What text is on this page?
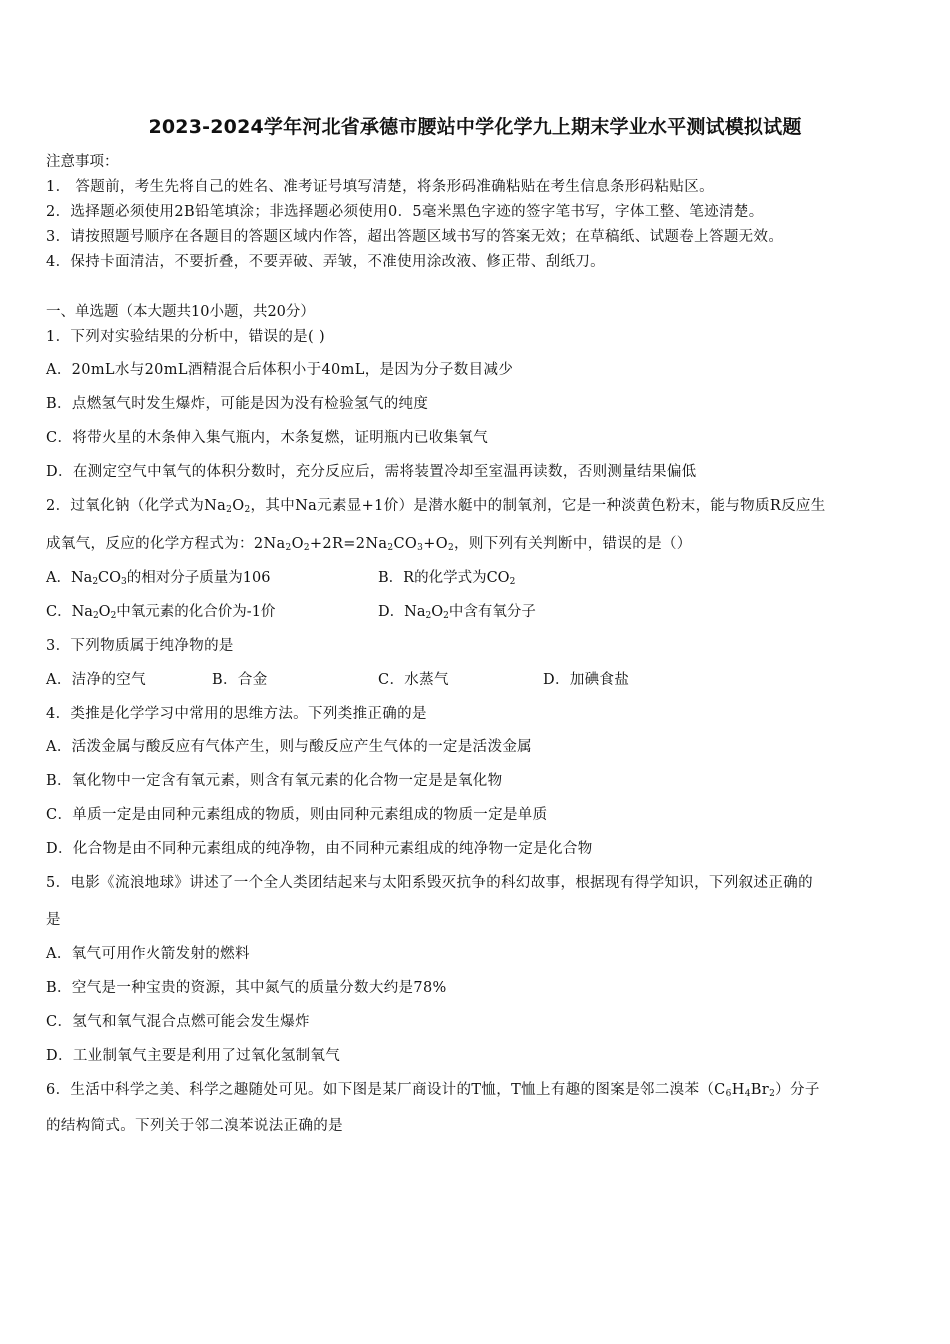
2023-2024学年河北省承德市腰站中学化学九上期末学业水平测试模拟试题
注意事项：
1． 答题前，考生先将自己的姓名、准考证号填写清楚，将条形码准确粘贴在考生信息条形码粘贴区。
2．选择题必须使用2B铅笔填涂；非选择题必须使用0．5毫米黑色字迹的签字笔书写，字体工整、笔迹清楚。
3．请按照题号顺序在各题目的答题区域内作答，超出答题区域书写的答案无效；在草稿纸、试题卷上答题无效。
4．保持卡面清洁，不要折叠，不要弄破、弄皱，不准使用涂改液、修正带、刮纸刀。
一、单选题（本大题共10小题，共20分）
1．下列对实验结果的分析中，错误的是( )
A．20mL水与20mL酒精混合后体积小于40mL，是因为分子数目减少
B．点燃氢气时发生爆炸，可能是因为没有检验氢气的纯度
C．将带火星的木条伸入集气瓶内，木条复燃，证明瓶内已收集氧气
D．在测定空气中氧气的体积分数时，充分反应后，需将装置冷却至室温再读数，否则测量结果偏低
2．过氧化钠（化学式为$Na_2O_2$，其中Na元素显+1价）是潜水艇中的制氧剂，它是一种淡黄色粉末，能与物质R反应生
成氧气，反应的化学方程式为：$2Na_2O_2+2R=2Na_2CO_3+O_2$，则下列有关判断中，错误的是（）
A．$Na_2CO_3$的相对分子质量为106	B．R的化学式为$CO_2$
C．$Na_2O_2$中氧元素的化合价为-1价	D．$Na_2O_2$中含有氧分子
3．下列物质属于纯净物的是
A．洁净的空气	B．合金	C．水蒸气	D．加碘食盐
4．类推是化学学习中常用的思维方法。下列类推正确的是
A．活泼金属与酸反应有气体产生，则与酸反应产生气体的一定是活泼金属
B．氧化物中一定含有氧元素，则含有氧元素的化合物一定是是氧化物
C．单质一定是由同种元素组成的物质，则由同种元素组成的物质一定是单质
D．化合物是由不同种元素组成的纯净物，由不同种元素组成的纯净物一定是化合物
5．电影《流浪地球》讲述了一个全人类团结起来与太阳系毁灭抗争的科幻故事，根据现有得学知识，下列叙述正确的
是
A．氧气可用作火箭发射的燃料
B．空气是一种宝贵的资源，其中氮气的质量分数大约是78%
C．氢气和氧气混合点燃可能会发生爆炸
D．工业制氧气主要是利用了过氧化氢制氧气
6．生活中科学之美、科学之趣随处可见。如下图是某厂商设计的T恤，T恤上有趣的图案是邻二溴苯$(C_6H_4Br_2)$分子
的结构简式。下列关于邻二溴苯说法正确的是
